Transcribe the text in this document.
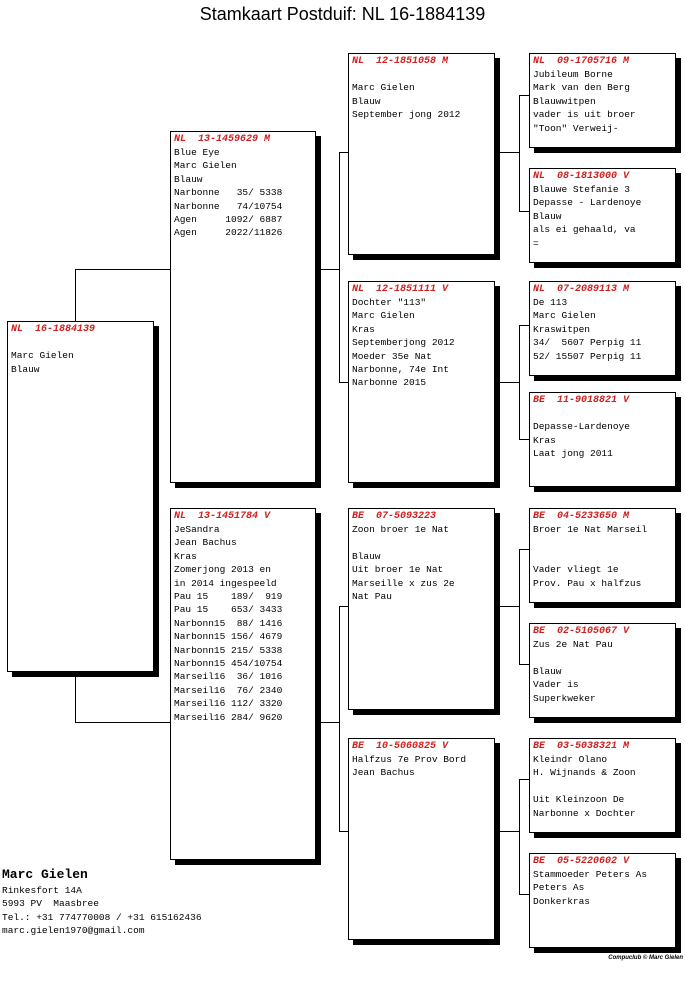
Stamkaart Postduif: NL 16-1884139
NL  16-1884139
Marc Gielen
Blauw
NL  13-1459629 M
Blue Eye
Marc Gielen
Blauw
Narbonne   35/ 5338
Narbonne   74/10754
Agen     1092/ 6887
Agen     2022/11826
NL  13-1451784 V
JeSandra
Jean Bachus
Kras
Zomerjong 2013 en
in 2014 ingespeeld
Pau 15    189/  919
Pau 15    653/ 3433
Narbonn15  88/ 1416
Narbonn15 156/ 4679
Narbonn15 215/ 5338
Narbonn15 454/10754
Marseil16  36/ 1016
Marseil16  76/ 2340
Marseil16 112/ 3320
Marseil16 284/ 9620
NL  12-1851058 M
Marc Gielen
Blauw
September jong 2012
NL  12-1851111 V
Dochter "113"
Marc Gielen
Kras
Septemberjong 2012
Moeder 35e Nat
Narbonne, 74e Int
Narbonne 2015
BE  07-5093223
Zoon broer 1e Nat
Blauw
Uit broer 1e Nat
Marseille x zus 2e
Nat Pau
BE  10-5060825 V
Halfzus 7e Prov Bord
Jean Bachus
NL  09-1705716 M
Jubileum Borne
Mark van den Berg
Blauwwitpen
vader is uit broer
"Toon" Verweij-
NL  08-1813000 V
Blauwe Stefanie 3
Depasse - Lardenoye
Blauw
als ei gehaald, va
=
NL  07-2089113 M
De 113
Marc Gielen
Kraswitpen
34/  5607 Perpig 11
52/ 15507 Perpig 11
BE  11-9018821 V
Depasse-Lardenoye
Kras
Laat jong 2011
BE  04-5233650 M
Broer 1e Nat Marseil
Vader vliegt 1e
Prov. Pau x halfzus
BE  02-5105067 V
Zus 2e Nat Pau
Blauw
Vader is
Superkweker
BE  03-5038321 M
Kleindr Olano
H. Wijnands & Zoon
Uit Kleinzoon De
Narbonne x Dochter
BE  05-5220602 V
Stammoeder Peters As
Peters As
Donkerkras
Marc Gielen
Rinkesfort 14A
5993 PV  Maasbree
Tel.: +31 774770008 / +31 615162436
marc.gielen1970@gmail.com
Compuclub © Marc Gielen
